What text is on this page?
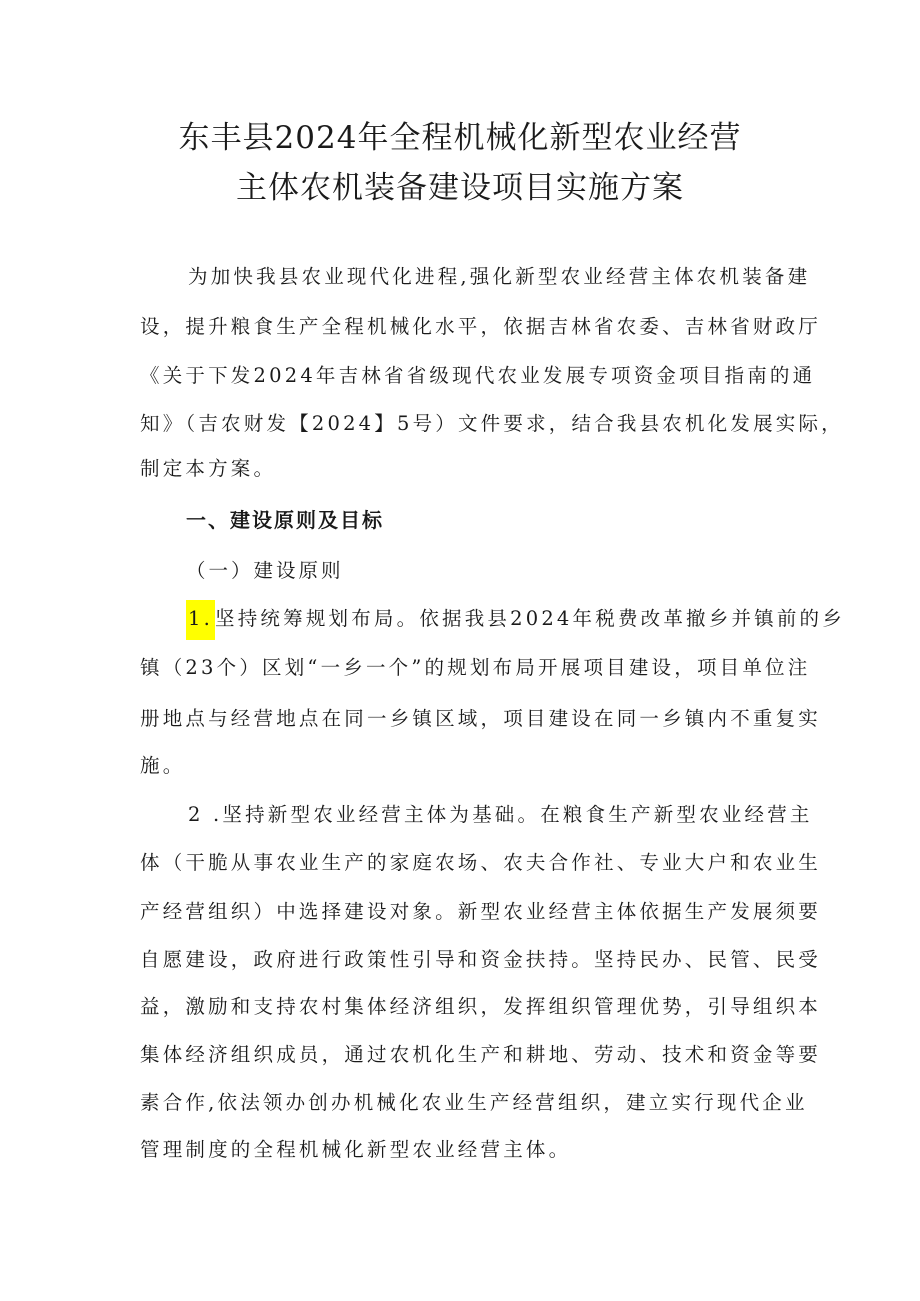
东丰县2024年全程机械化新型农业经营
主体农机装备建设项目实施方案
为加快我县农业现代化进程,强化新型农业经营主体农机装备建
设，提升粮食生产全程机械化水平，依据吉林省农委、吉林省财政厅
《关于下发2024年吉林省省级现代农业发展专项资金项目指南的通
知》（吉农财发【2024】5号）文件要求，结合我县农机化发展实际，
制定本方案。
一、建设原则及目标
（一）建设原则
1. 坚持统筹规划布局。依据我县2024年税费改革撤乡并镇前的乡
镇（23个）区划“一乡一个”的规划布局开展项目建设，项目单位注
册地点与经营地点在同一乡镇区域，项目建设在同一乡镇内不重复实
施。
2 .坚持新型农业经营主体为基础。在粮食生产新型农业经营主
体（干脆从事农业生产的家庭农场、农夫合作社、专业大户和农业生
产经营组织）中选择建设对象。新型农业经营主体依据生产发展须要
自愿建设，政府进行政策性引导和资金扶持。坚持民办、民管、民受
益，激励和支持农村集体经济组织，发挥组织管理优势，引导组织本
集体经济组织成员，通过农机化生产和耕地、劳动、技术和资金等要
素合作,依法领办创办机械化农业生产经营组织，建立实行现代企业
管理制度的全程机械化新型农业经营主体。
